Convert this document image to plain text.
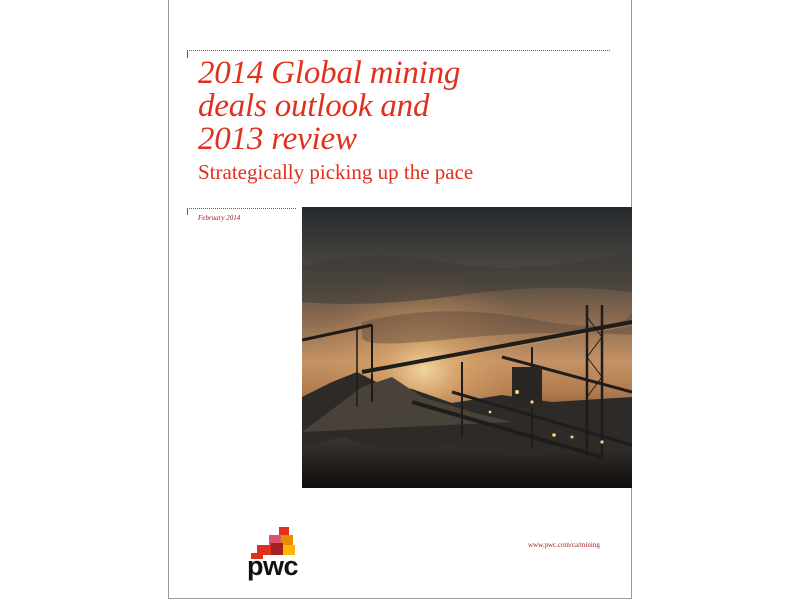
2014 Global mining
deals outlook and
2013 review
Strategically picking up the pace
February 2014
pwc
www.pwc.com/ca/mining
